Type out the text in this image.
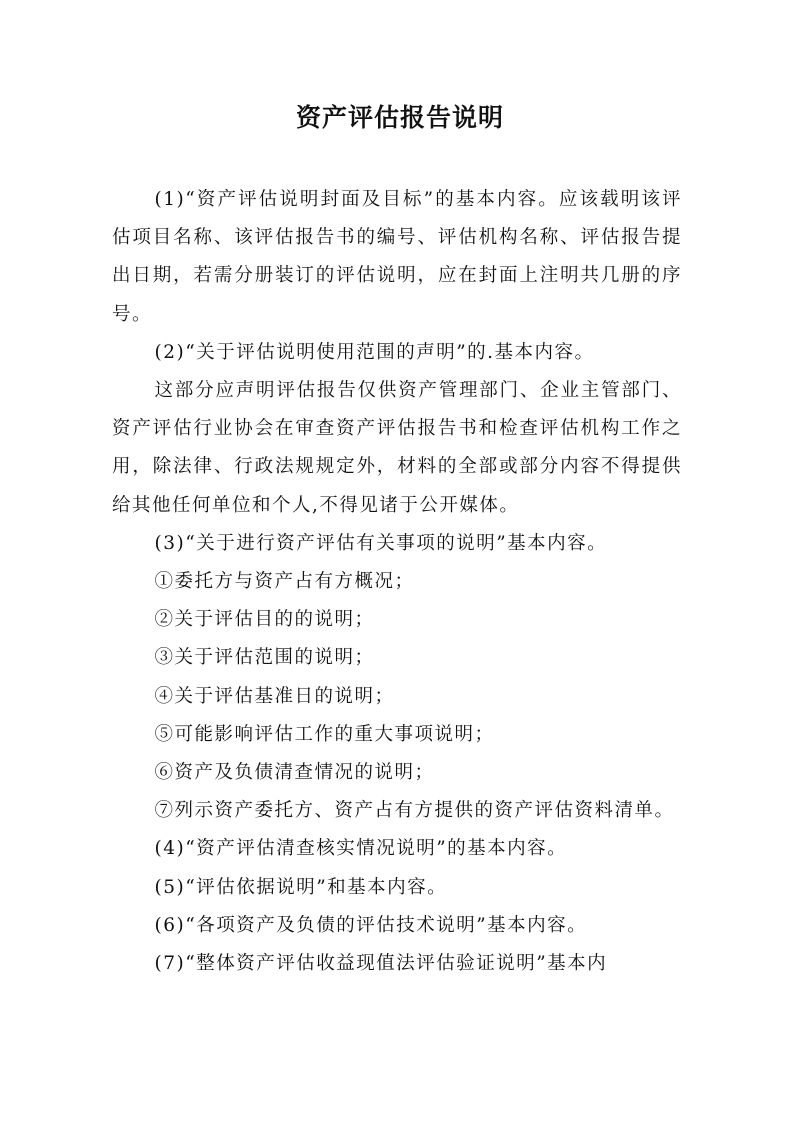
资产评估报告说明

(1)“资产评估说明封面及目标”的基本内容。应该载明该评估项目名称、该评估报告书的编号、评估机构名称、评估报告提出日期，若需分册装订的评估说明，应在封面上注明共几册的序号。

(2)“关于评估说明使用范围的声明”的.基本内容。

这部分应声明评估报告仅供资产管理部门、企业主管部门、资产评估行业协会在审查资产评估报告书和检查评估机构工作之用，除法律、行政法规规定外，材料的全部或部分内容不得提供给其他任何单位和个人,不得见诸于公开媒体。

(3)“关于进行资产评估有关事项的说明”基本内容。

①委托方与资产占有方概况；

②关于评估目的的说明；

③关于评估范围的说明；

④关于评估基准日的说明；

⑤可能影响评估工作的重大事项说明；

⑥资产及负债清查情况的说明；

⑦列示资产委托方、资产占有方提供的资产评估资料清单。

(4)“资产评估清查核实情况说明”的基本内容。

(5)“评估依据说明”和基本内容。

(6)“各项资产及负债的评估技术说明”基本内容。

(7)“整体资产评估收益现值法评估验证说明”基本内
